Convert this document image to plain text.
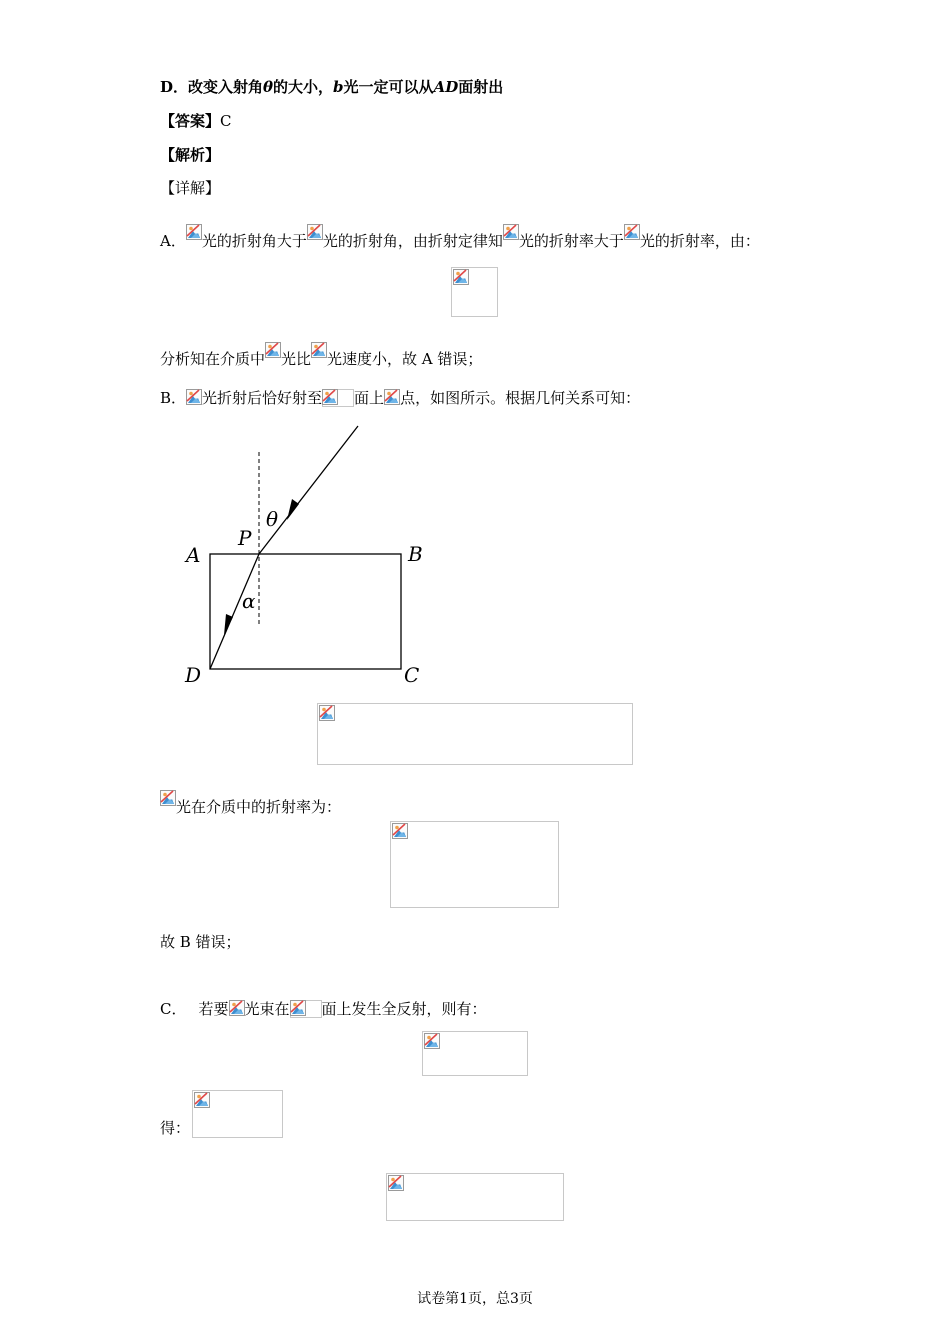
D．改变入射角θ的大小，b光一定可以从AD面射出
【答案】C
【解析】
【详解】
A． 光的折射角大于 光的折射角，由折射定律知 光的折射率大于 光的折射率，由：
分析知在介质中 光比 光速度小，故 A 错误；
B． 光折射后恰好射至 面上 点，如图所示。根据几何关系可知：
A	B
C
D
P
θ
α
光在介质中的折射率为：
故 B 错误；
C． 若要 光束在 面上发生全反射，则有：
得：
试卷第1页，总3页
